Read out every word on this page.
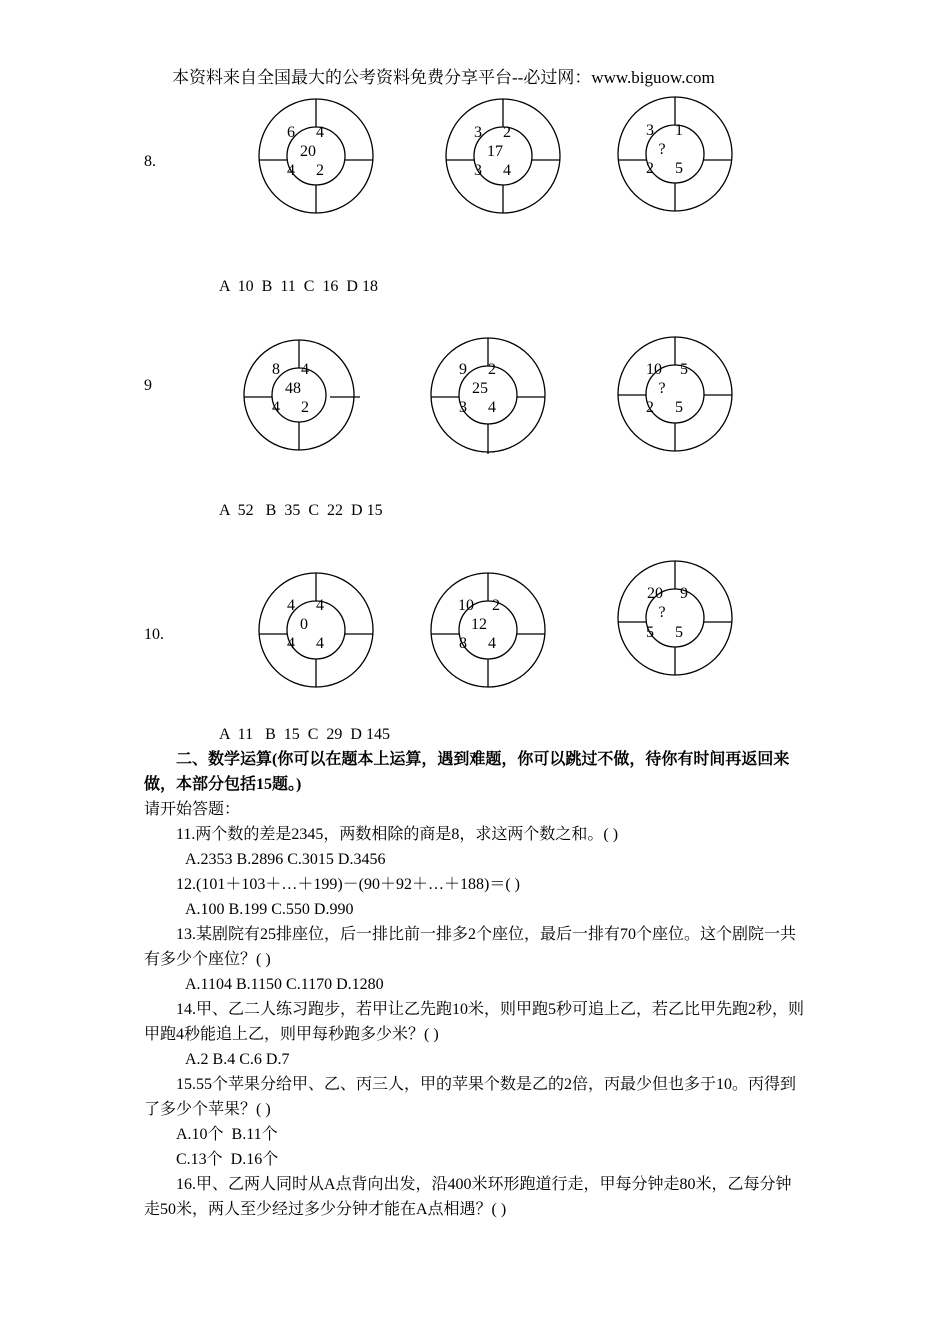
本资料来自全国最大的公考资料免费分享平台--必过网：www.biguow.com
8.
6 4
20
4 2
3 2
17
3 4
3 1
?
2 5
A  10  B  11  C  16  D 18
9
8 4
48
4 2
9 2
25
3 4
10 5
?
2 5
A  52   B  35  C  22  D 15
10.
4 4
0
4 4
10 2
12
8 4
20 9
?
5 5
A  11   B  15  C  29  D 145
二、数学运算(你可以在题本上运算，遇到难题，你可以跳过不做，待你有时间再返回来
做，本部分包括15题。)
请开始答题：
11.两个数的差是2345，两数相除的商是8，求这两个数之和。( )
A.2353 B.2896 C.3015 D.3456
12.(101＋103＋…＋199)－(90＋92＋…＋188)＝( )
A.100 B.199 C.550 D.990
13.某剧院有25排座位，后一排比前一排多2个座位，最后一排有70个座位。这个剧院一共
有多少个座位？( )
A.1104 B.1150 C.1170 D.1280
14.甲、乙二人练习跑步，若甲让乙先跑10米，则甲跑5秒可追上乙，若乙比甲先跑2秒，则
甲跑4秒能追上乙，则甲每秒跑多少米？( )
A.2 B.4 C.6 D.7
15.55个苹果分给甲、乙、丙三人，甲的苹果个数是乙的2倍，丙最少但也多于10。丙得到
了多少个苹果？( )
A.10个  B.11个
C.13个  D.16个
16.甲、乙两人同时从A点背向出发，沿400米环形跑道行走，甲每分钟走80米，乙每分钟
走50米，两人至少经过多少分钟才能在A点相遇？( )
